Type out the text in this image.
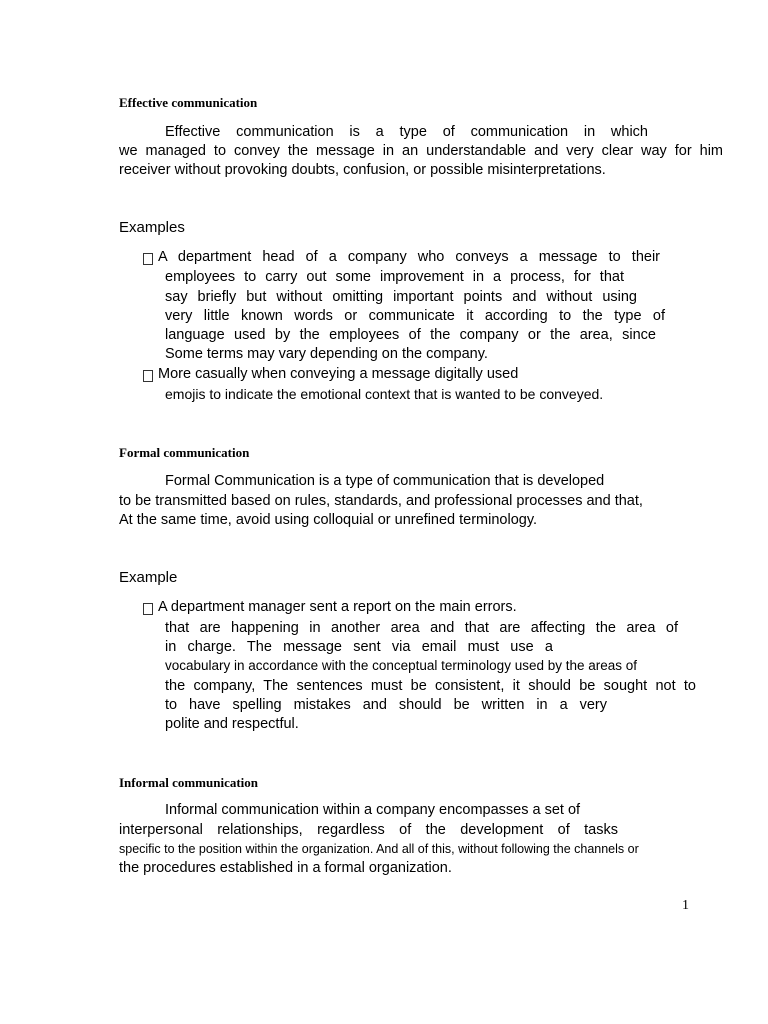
Effective communication
Effective communication is a type of communication in which
we managed to convey the message in an understandable and very clear way for him
receiver without provoking doubts, confusion, or possible misinterpretations.
Examples
A department head of a company who conveys a message to their
employees to carry out some improvement in a process, for that
say briefly but without omitting important points and without using
very little known words or communicate it according to the type of
language used by the employees of the company or the area, since
Some terms may vary depending on the company.
More casually when conveying a message digitally used
emojis to indicate the emotional context that is wanted to be conveyed.
Formal communication
Formal Communication is a type of communication that is developed
to be transmitted based on rules, standards, and professional processes and that,
At the same time, avoid using colloquial or unrefined terminology.
Example
A department manager sent a report on the main errors.
that are happening in another area and that are affecting the area of
in charge. The message sent via email must use a
vocabulary in accordance with the conceptual terminology used by the areas of
the company, The sentences must be consistent, it should be sought not to
to have spelling mistakes and should be written in a very
polite and respectful.
Informal communication
Informal communication within a company encompasses a set of
interpersonal relationships, regardless of the development of tasks
specific to the position within the organization. And all of this, without following the channels or
the procedures established in a formal organization.
1
